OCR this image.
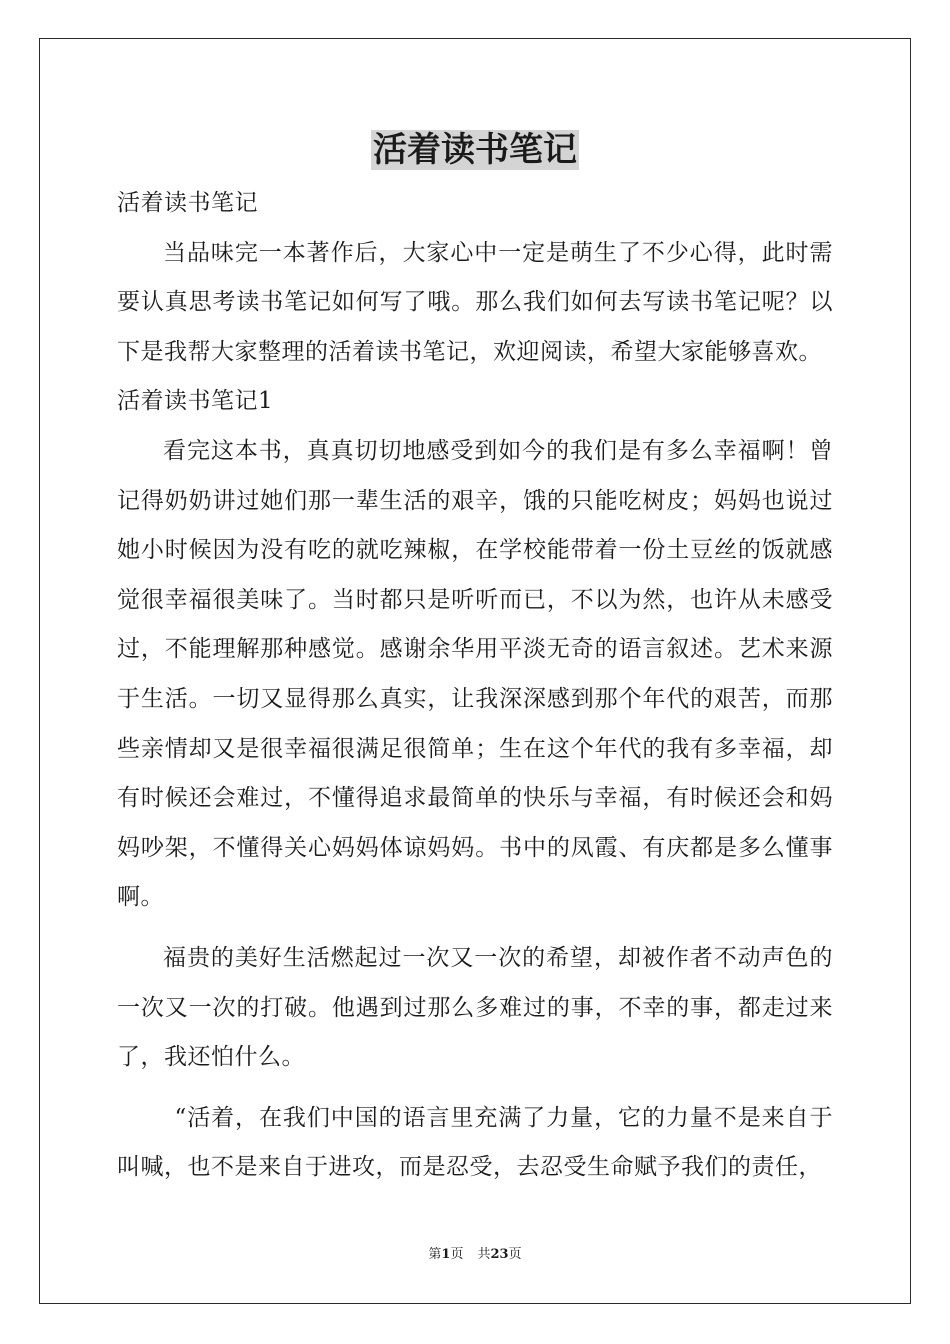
活着读书笔记

活着读书笔记

当品味完一本著作后，大家心中一定是萌生了不少心得，此时需要认真思考读书笔记如何写了哦。那么我们如何去写读书笔记呢？以下是我帮大家整理的活着读书笔记，欢迎阅读，希望大家能够喜欢。

活着读书笔记1

看完这本书，真真切切地感受到如今的我们是有多么幸福啊！曾记得奶奶讲过她们那一辈生活的艰辛，饿的只能吃树皮；妈妈也说过她小时候因为没有吃的就吃辣椒，在学校能带着一份土豆丝的饭就感觉很幸福很美味了。当时都只是听听而已，不以为然，也许从未感受过，不能理解那种感觉。感谢余华用平淡无奇的语言叙述。艺术来源于生活。一切又显得那么真实，让我深深感到那个年代的艰苦，而那些亲情却又是很幸福很满足很简单；生在这个年代的我有多幸福，却有时候还会难过，不懂得追求最简单的快乐与幸福，有时候还会和妈妈吵架，不懂得关心妈妈体谅妈妈。书中的凤霞、有庆都是多么懂事啊。

福贵的美好生活燃起过一次又一次的希望，却被作者不动声色的一次又一次的打破。他遇到过那么多难过的事，不幸的事，都走过来了，我还怕什么。

“活着，在我们中国的语言里充满了力量，它的力量不是来自于叫喊，也不是来自于进攻，而是忍受，去忍受生命赋予我们的责任，

第1页 共23页
